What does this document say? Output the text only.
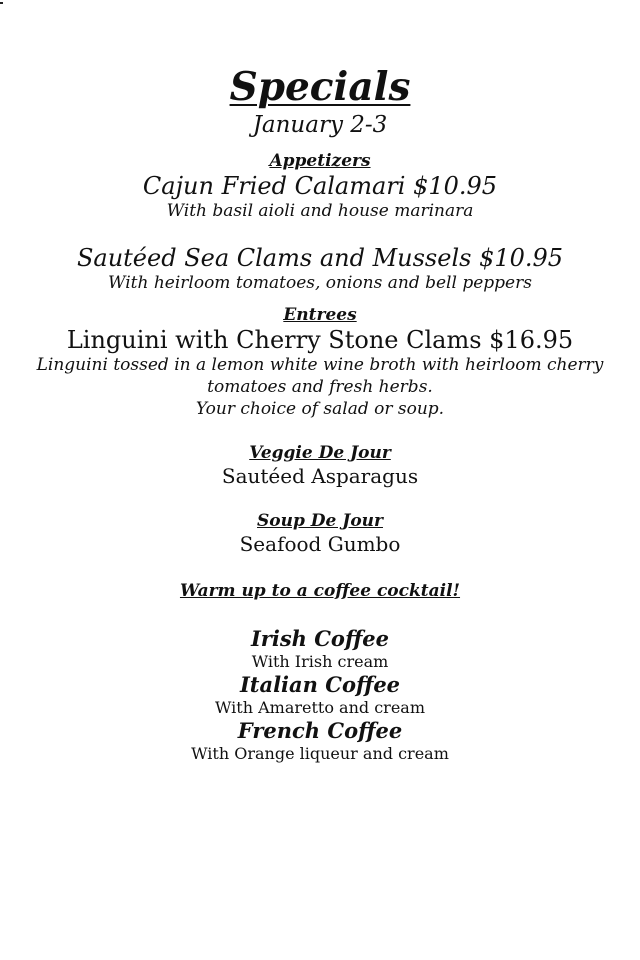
Specials
January 2-3
Appetizers
Cajun Fried Calamari $10.95
With basil aioli and house marinara
Sautéed Sea Clams and Mussels $10.95
With heirloom tomatoes, onions and bell peppers
Entrees
Linguini with Cherry Stone Clams $16.95
Linguini tossed in a lemon white wine broth with heirloom cherry
tomatoes and fresh herbs.
Your choice of salad or soup.
Veggie De Jour
Sautéed Asparagus
Soup De Jour
Seafood Gumbo
Warm up to a coffee cocktail!
Irish Coffee
With Irish cream
Italian Coffee
With Amaretto and cream
French Coffee
With Orange liqueur and cream
